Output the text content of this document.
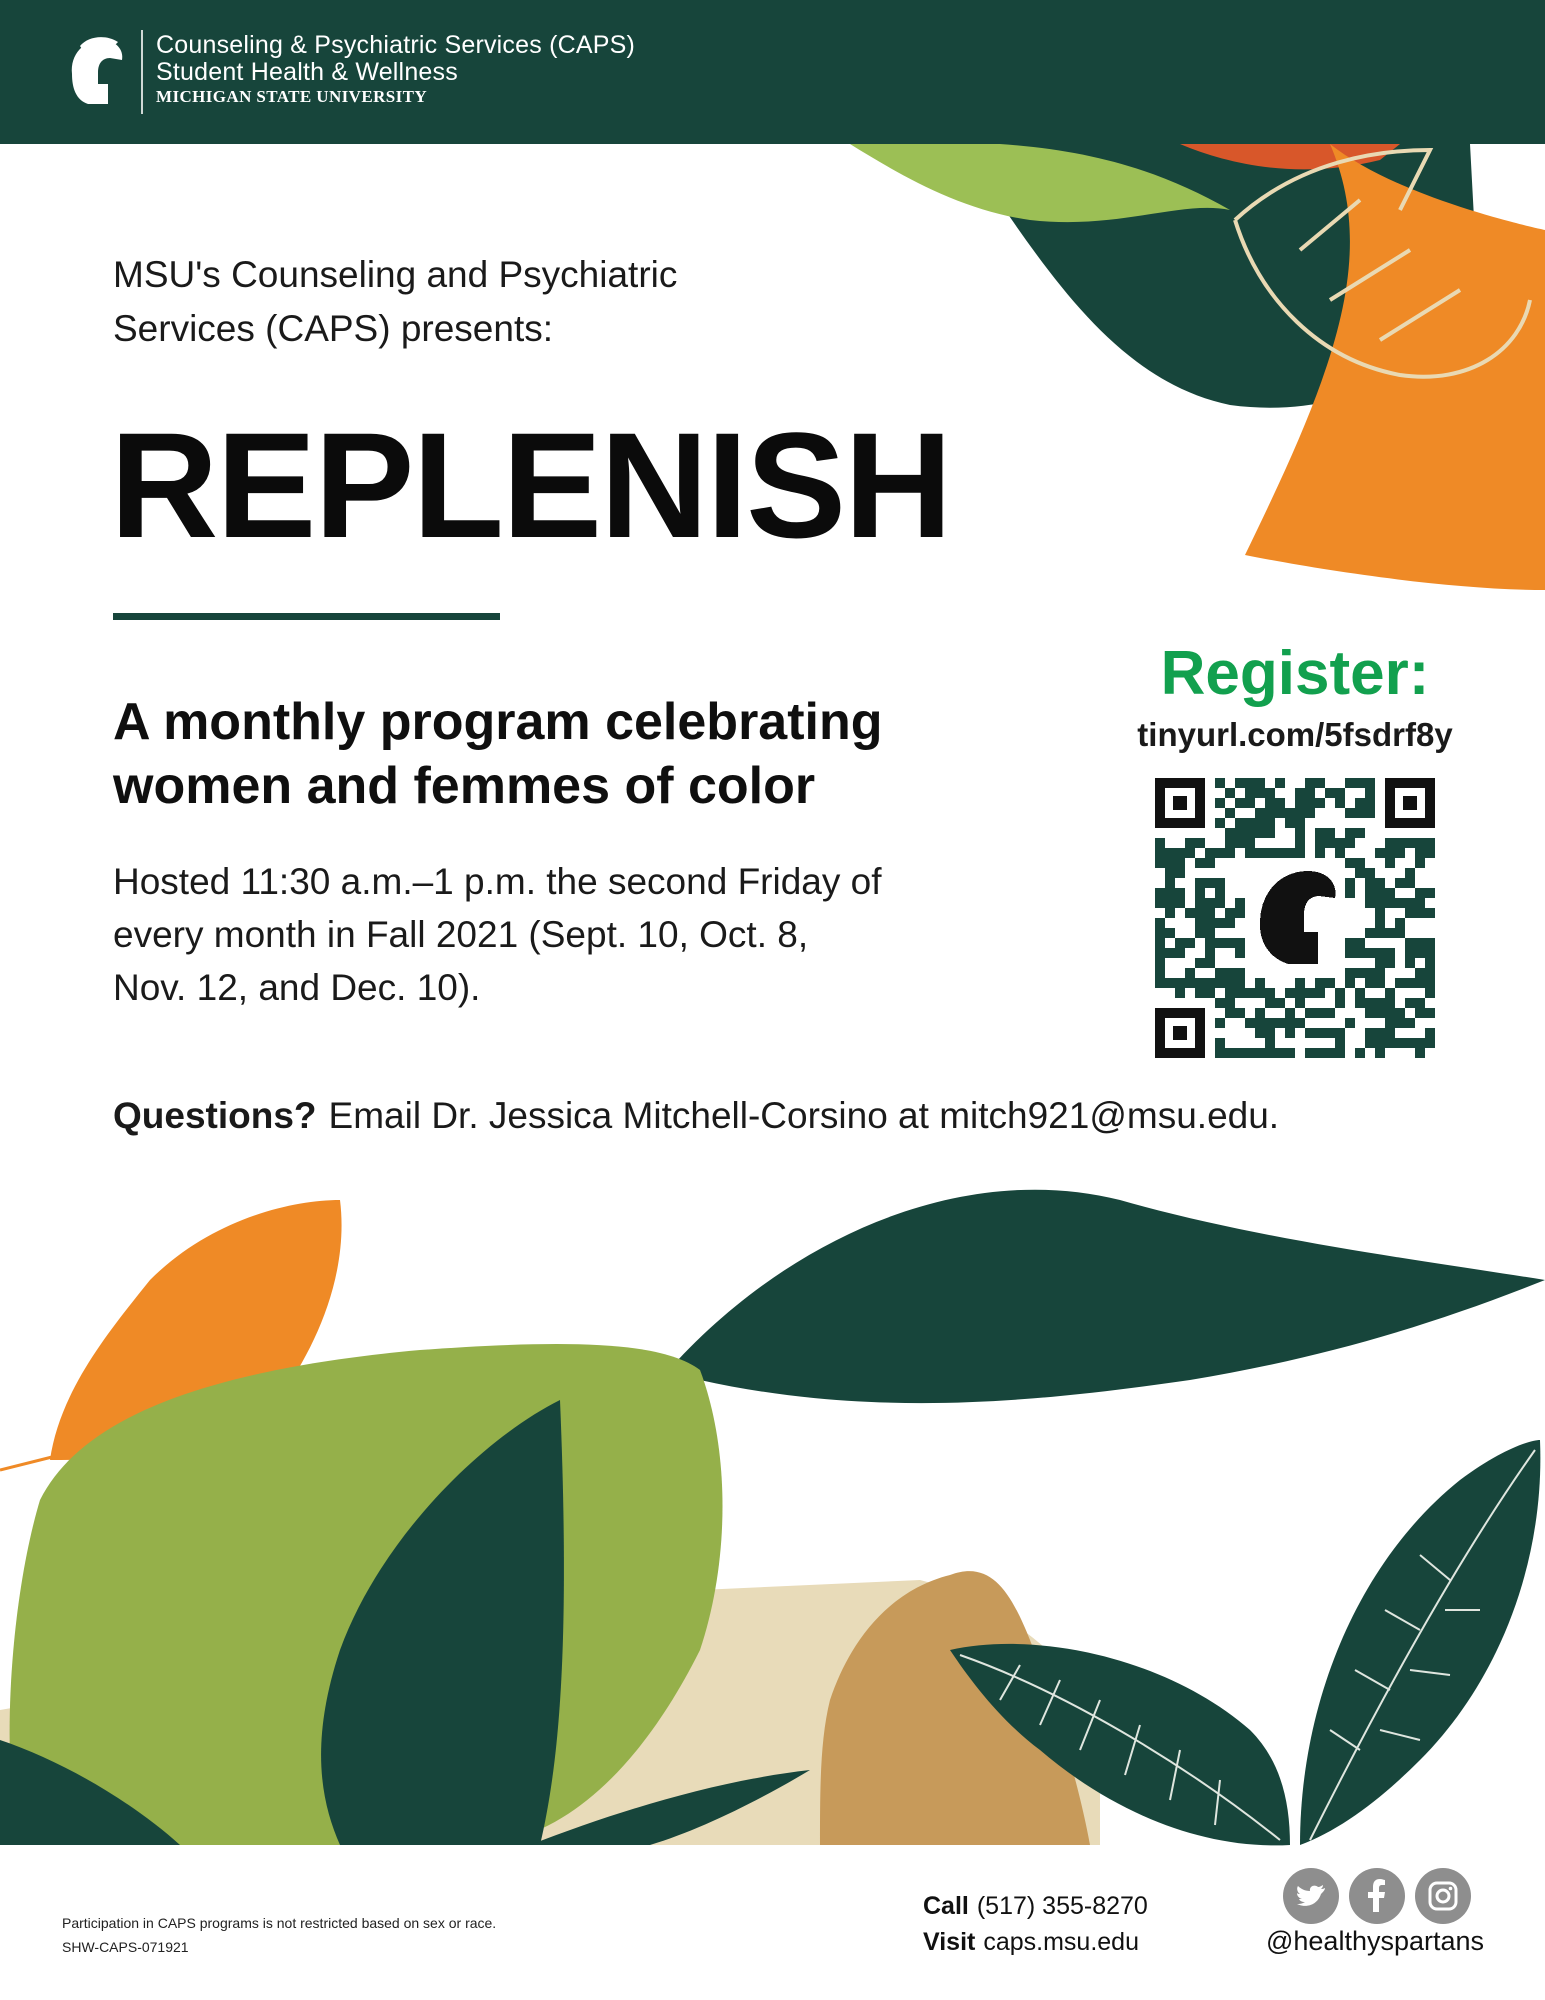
Counseling & Psychiatric Services (CAPS)
Student Health & Wellness
MICHIGAN STATE UNIVERSITY
MSU's Counseling and Psychiatric
Services (CAPS) presents:
REPLENISH
A monthly program celebrating
women and femmes of color
Hosted 11:30 a.m.–1 p.m. the second Friday of
every month in Fall 2021 (Sept. 10, Oct. 8,
Nov. 12, and Dec. 10).
Questions? Email Dr. Jessica Mitchell-Corsino at mitch921@msu.edu.
Register:
tinyurl.com/5fsdrf8y
Participation in CAPS programs is not restricted based on sex or race.
SHW-CAPS-071921
Call (517) 355-8270
Visit caps.msu.edu	@healthyspartans
